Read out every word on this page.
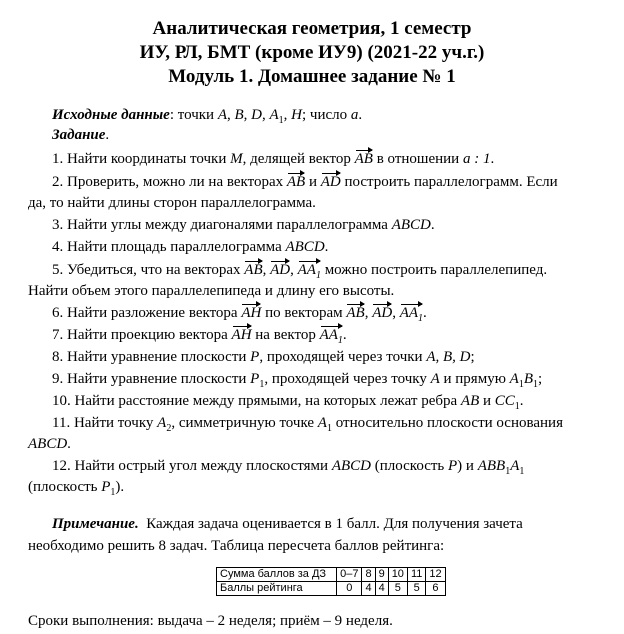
Аналитическая геометрия, 1 семестр
ИУ, РЛ, БМТ (кроме ИУ9) (2021-22 уч.г.)
Модуль 1. Домашнее задание № 1
Исходные данные: точки A, B, D, $A_1$, H; число a.
Задание.
1. Найти координаты точки M, делящей вектор AB в отношении a : 1.
2. Проверить, можно ли на векторах AB и AD построить параллелограмм. Если
да, то найти длины сторон параллелограмма.
3. Найти углы между диагоналями параллелограмма ABCD.
4. Найти площадь параллелограмма ABCD.
5. Убедиться, что на векторах AB, AD, $AA_1$ можно построить параллелепипед.
Найти объем этого параллелепипеда и длину его высоты.
6. Найти разложение вектора AH по векторам AB, AD, $AA_1$.
7. Найти проекцию вектора AH на вектор $AA_1$.
8. Найти уравнение плоскости P, проходящей через точки A, B, D;
9. Найти уравнение плоскости $P_1$, проходящей через точку A и прямую $A_1B_1$;
10. Найти расстояние между прямыми, на которых лежат ребра AB и $CC_1$.
11. Найти точку $A_2$, симметричную точке $A_1$ относительно плоскости основания
ABCD.
12. Найти острый угол между плоскостями ABCD (плоскость P) и $ABB_1A_1$
(плоскость $P_1$).
Примечание. Каждая задача оценивается в 1 балл. Для получения зачета
необходимо решить 8 задач. Таблица пересчета баллов рейтинга:
Сумма баллов за ДЗ	0–7	8	9	10	11	12
Баллы рейтинга	0	4	4	5	5	6
Сроки выполнения: выдача – 2 неделя; приём – 9 неделя.
